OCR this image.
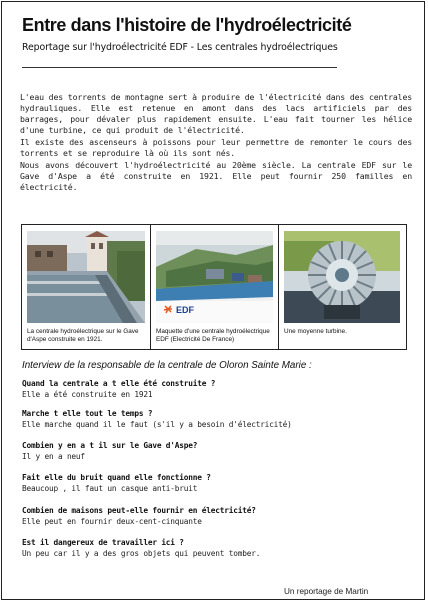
Entre dans l'histoire de l'hydroélectricité
Reportage sur l'hydroélectricité EDF - Les centrales hydroélectriques

L'eau des torrents de montagne sert à produire de l'électricité dans des centrales hydrauliques. Elle est retenue en amont dans des lacs artificiels par des barrages, pour dévaler plus rapidement ensuite. L'eau fait tourner les hélice d'une turbine, ce qui produit de l'électricité.

Il existe des ascenseurs à poissons pour leur permettre de remonter le cours des torrents et se reproduire là où ils sont nés.

Nous avons découvert l'hydroélectricité au 20ème siècle. La centrale EDF sur le Gave d'Aspe a été construite en 1921. Elle peut fournir 250 familles en électricité.

La centrale hydroélectrique sur le Gave d'Aspe construite en 1921.
EDF
Maquette d'une centrale hydroélectrique EDF (Electricité De France)
Une moyenne turbine.
Interview de la responsable de la centrale de Oloron Sainte Marie :
Quand la centrale a t elle été construite ?
Elle a été construite en 1921
Marche t elle tout le temps ?
Elle marche quand il le faut (s'il y a besoin d'électricité)
Combien y en a t il sur le Gave d'Aspe?
Il y en a neuf
Fait elle du bruit quand elle fonctionne ?
Beaucoup , il faut un casque anti-bruit
Combien de maisons peut-elle fournir en électricité?
Elle peut en fournir deux-cent-cinquante
Est il dangereux de travailler ici ?
Un peu car il y a des gros objets qui peuvent tomber.
Un reportage de Martin
